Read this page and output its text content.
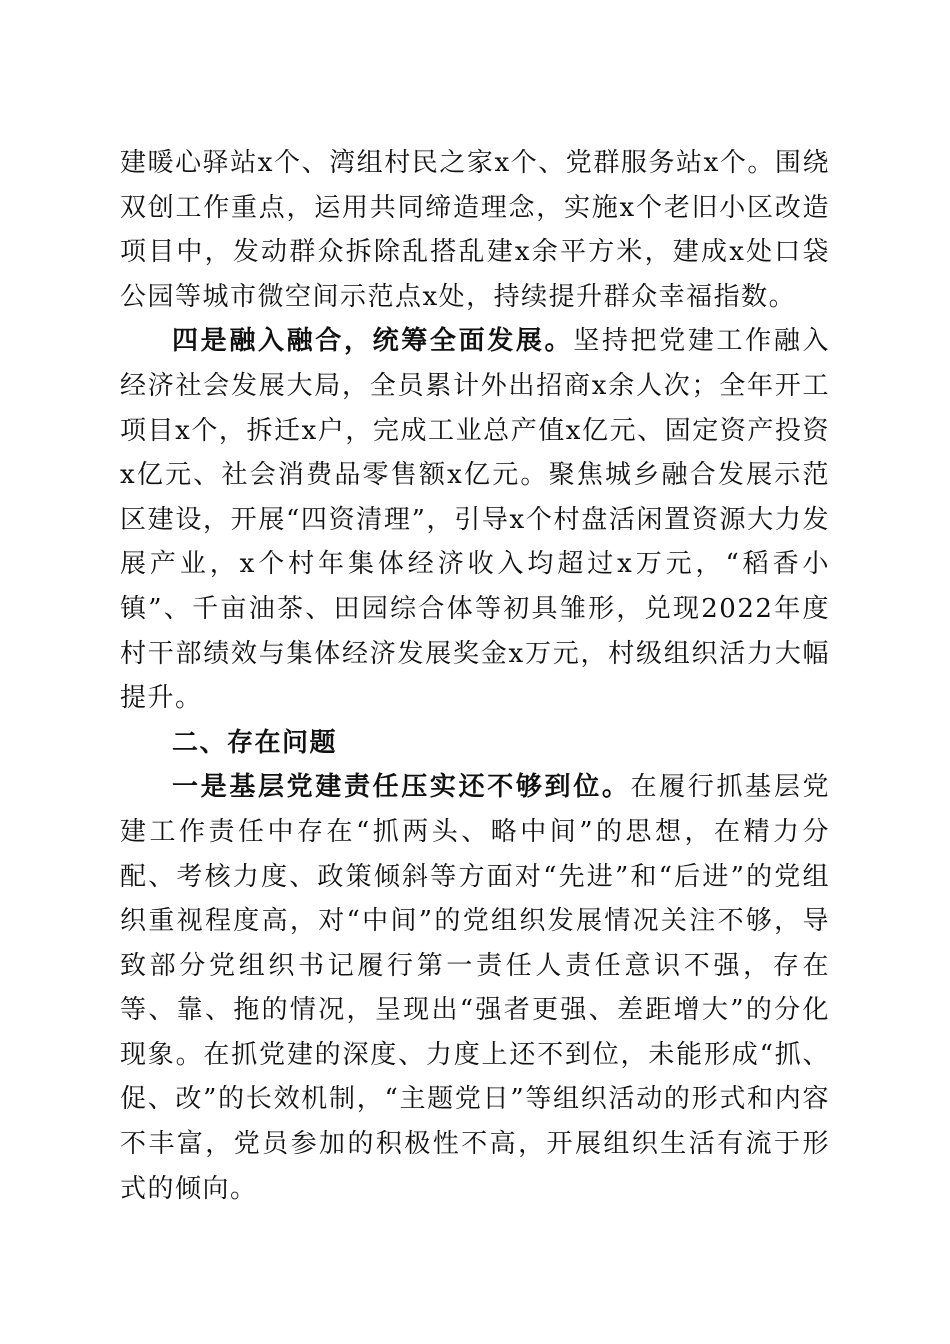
建暖心驿站x个、湾组村民之家x个、党群服务站x个。围绕双创工作重点，运用共同缔造理念，实施x个老旧小区改造项目中，发动群众拆除乱搭乱建x余平方米，建成x处口袋公园等城市微空间示范点x处，持续提升群众幸福指数。

四是融入融合，统筹全面发展。坚持把党建工作融入经济社会发展大局，全员累计外出招商x余人次；全年开工项目x个，拆迁x户，完成工业总产值x亿元、固定资产投资x亿元、社会消费品零售额x亿元。聚焦城乡融合发展示范区建设，开展“四资清理”，引导x个村盘活闲置资源大力发展产业，x个村年集体经济收入均超过x万元，“稻香小镇”、千亩油茶、田园综合体等初具雏形，兑现2022年度村干部绩效与集体经济发展奖金x万元，村级组织活力大幅提升。

二、存在问题

一是基层党建责任压实还不够到位。在履行抓基层党建工作责任中存在“抓两头、略中间”的思想，在精力分配、考核力度、政策倾斜等方面对“先进”和“后进”的党组织重视程度高，对“中间”的党组织发展情况关注不够，导致部分党组织书记履行第一责任人责任意识不强，存在等、靠、拖的情况，呈现出“强者更强、差距增大”的分化现象。在抓党建的深度、力度上还不到位，未能形成“抓、促、改”的长效机制，“主题党日”等组织活动的形式和内容不丰富，党员参加的积极性不高，开展组织生活有流于形式的倾向。
